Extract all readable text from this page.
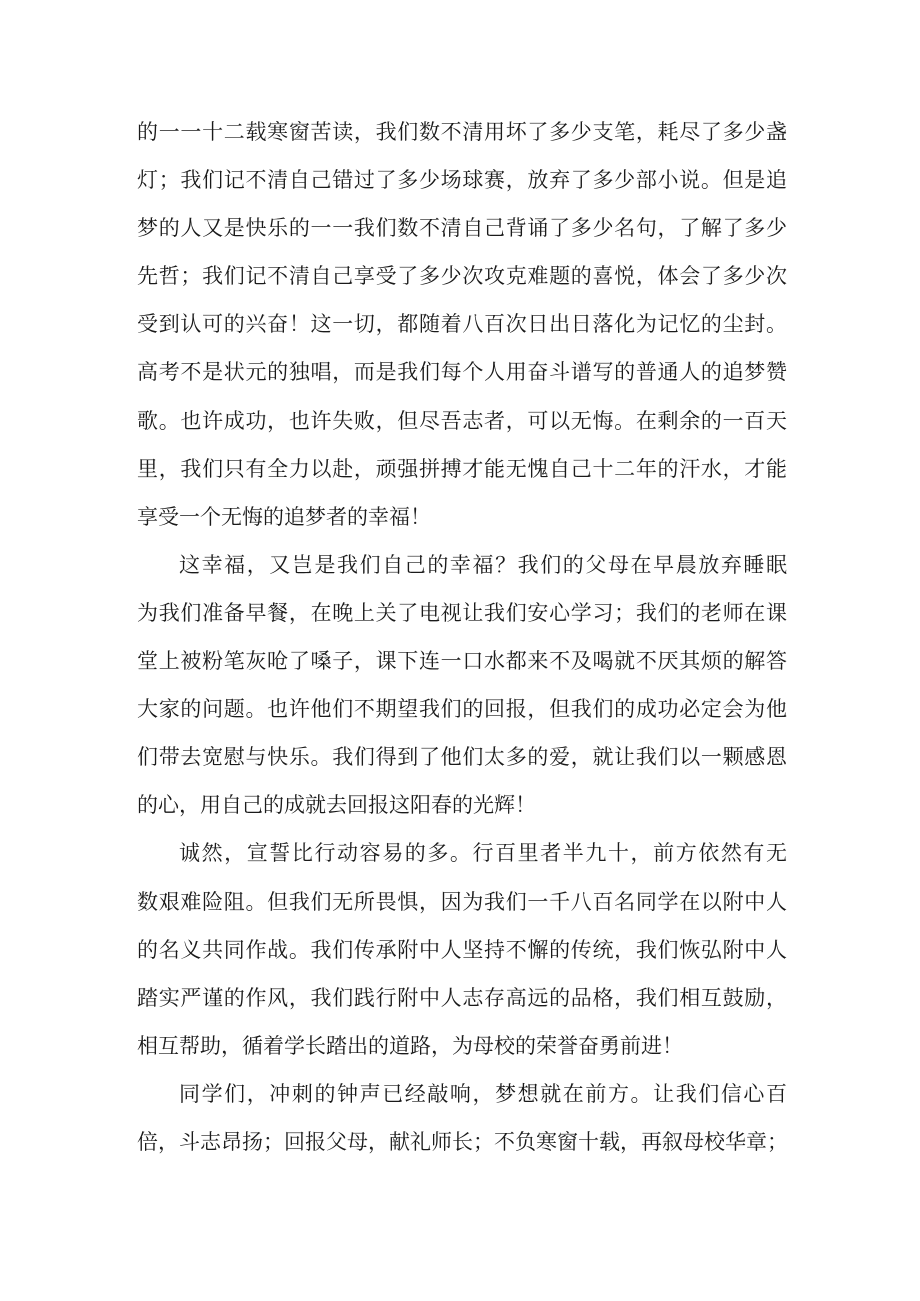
的一一十二载寒窗苦读，我们数不清用坏了多少支笔，耗尽了多少盏
灯；我们记不清自己错过了多少场球赛，放弃了多少部小说。但是追
梦的人又是快乐的一一我们数不清自己背诵了多少名句，了解了多少
先哲；我们记不清自己享受了多少次攻克难题的喜悦，体会了多少次
受到认可的兴奋！这一切，都随着八百次日出日落化为记忆的尘封。
高考不是状元的独唱，而是我们每个人用奋斗谱写的普通人的追梦赞
歌。也许成功，也许失败，但尽吾志者，可以无悔。在剩余的一百天
里，我们只有全力以赴，顽强拼搏才能无愧自己十二年的汗水，才能
享受一个无悔的追梦者的幸福！
这幸福，又岂是我们自己的幸福？我们的父母在早晨放弃睡眠
为我们准备早餐，在晚上关了电视让我们安心学习；我们的老师在课
堂上被粉笔灰呛了嗓子，课下连一口水都来不及喝就不厌其烦的解答
大家的问题。也许他们不期望我们的回报，但我们的成功必定会为他
们带去宽慰与快乐。我们得到了他们太多的爱，就让我们以一颗感恩
的心，用自己的成就去回报这阳春的光辉！
诚然，宣誓比行动容易的多。行百里者半九十，前方依然有无
数艰难险阻。但我们无所畏惧，因为我们一千八百名同学在以附中人
的名义共同作战。我们传承附中人坚持不懈的传统，我们恢弘附中人
踏实严谨的作风，我们践行附中人志存高远的品格，我们相互鼓励，
相互帮助，循着学长踏出的道路，为母校的荣誉奋勇前进！
同学们，冲刺的钟声已经敲响，梦想就在前方。让我们信心百
倍，斗志昂扬；回报父母，献礼师长；不负寒窗十载，再叙母校华章；
